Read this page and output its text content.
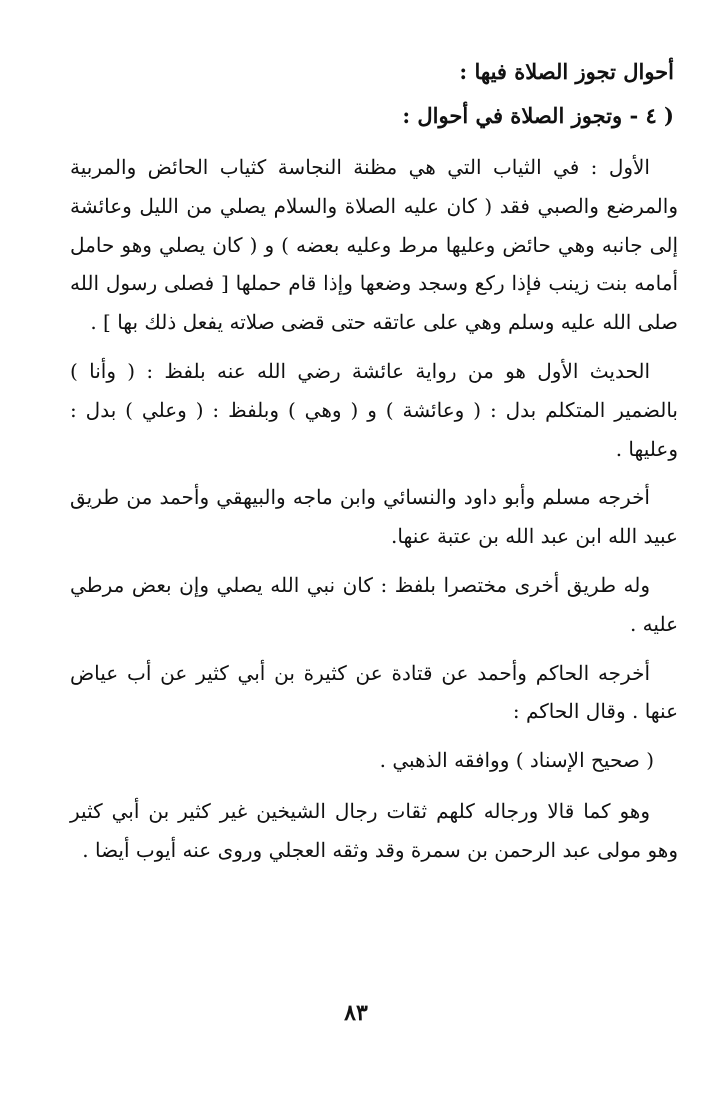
أحوال تجوز الصلاة فيها :
( ٤ - وتجوز الصلاة في أحوال :

الأول : في الثياب التي هي مظنة النجاسة كثياب الحائض والمربية والمرضع والصبي فقد ( كان عليه الصلاة والسلام يصلي من الليل وعائشة إلى جانبه وهي حائض وعليها مرط وعليه بعضه ) و ( كان يصلي وهو حامل أمامه بنت زينب فإذا ركع وسجد وضعها وإذا قام حملها [ فصلى رسول الله صلى الله عليه وسلم وهي على عاتقه حتى قضى صلاته يفعل ذلك بها ] .

الحديث الأول هو من رواية عائشة رضي الله عنه بلفظ : ( وأنا ) بالضمير المتكلم بدل : ( وعائشة ) و ( وهي ) وبلفظ : ( وعلي ) بدل : وعليها .

أخرجه مسلم وأبو داود والنسائي وابن ماجه والبيهقي وأحمد من طريق عبيد الله ابن عبد الله بن عتبة عنها.

وله طريق أخرى مختصرا بلفظ : كان نبي الله يصلي وإن بعض مرطي عليه .

أخرجه الحاكم وأحمد عن قتادة عن كثيرة بن أبي كثير عن أب عياض عنها . وقال الحاكم :

( صحيح الإسناد ) ووافقه الذهبي .

وهو كما قالا ورجاله كلهم ثقات رجال الشيخين غير كثير بن أبي كثير وهو مولى عبد الرحمن بن سمرة وقد وثقه العجلي وروى عنه أيوب أيضا .

٨٣
